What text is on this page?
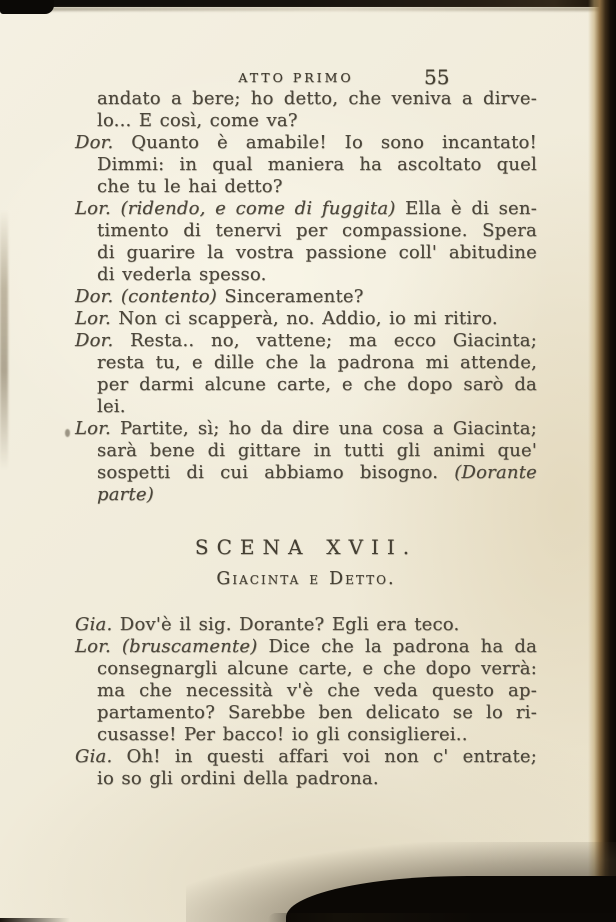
ATTO PRIMO	55
andato a bere; ho detto, che veniva a dirve-
lo... E così, come va?
Dor. Quanto è amabile! Io sono incantato!
Dimmi: in qual maniera ha ascoltato quel
che tu le hai detto?
Lor. (ridendo, e come di fuggita) Ella è di sen-
timento di tenervi per compassione. Spera
di guarire la vostra passione coll' abitudine
di vederla spesso.
Dor. (contento) Sinceramente?
Lor. Non ci scapperà, no. Addio, io mi ritiro.
Dor. Resta.. no, vattene; ma ecco Giacinta;
resta tu, e dille che la padrona mi attende,
per darmi alcune carte, e che dopo sarò da
lei.
Lor. Partite, sì; ho da dire una cosa a Giacinta;
sarà bene di gittare in tutti gli animi que'
sospetti di cui abbiamo bisogno. (Dorante
parte)
SCENA XVII.
Giacinta e Detto.
Gia. Dov'è il sig. Dorante? Egli era teco.
Lor. (bruscamente) Dice che la padrona ha da
consegnargli alcune carte, e che dopo verrà:
ma che necessità v'è che veda questo ap-
partamento? Sarebbe ben delicato se lo ri-
cusasse! Per bacco! io gli consiglierei..
Gia. Oh! in questi affari voi non c' entrate;
io so gli ordini della padrona.
